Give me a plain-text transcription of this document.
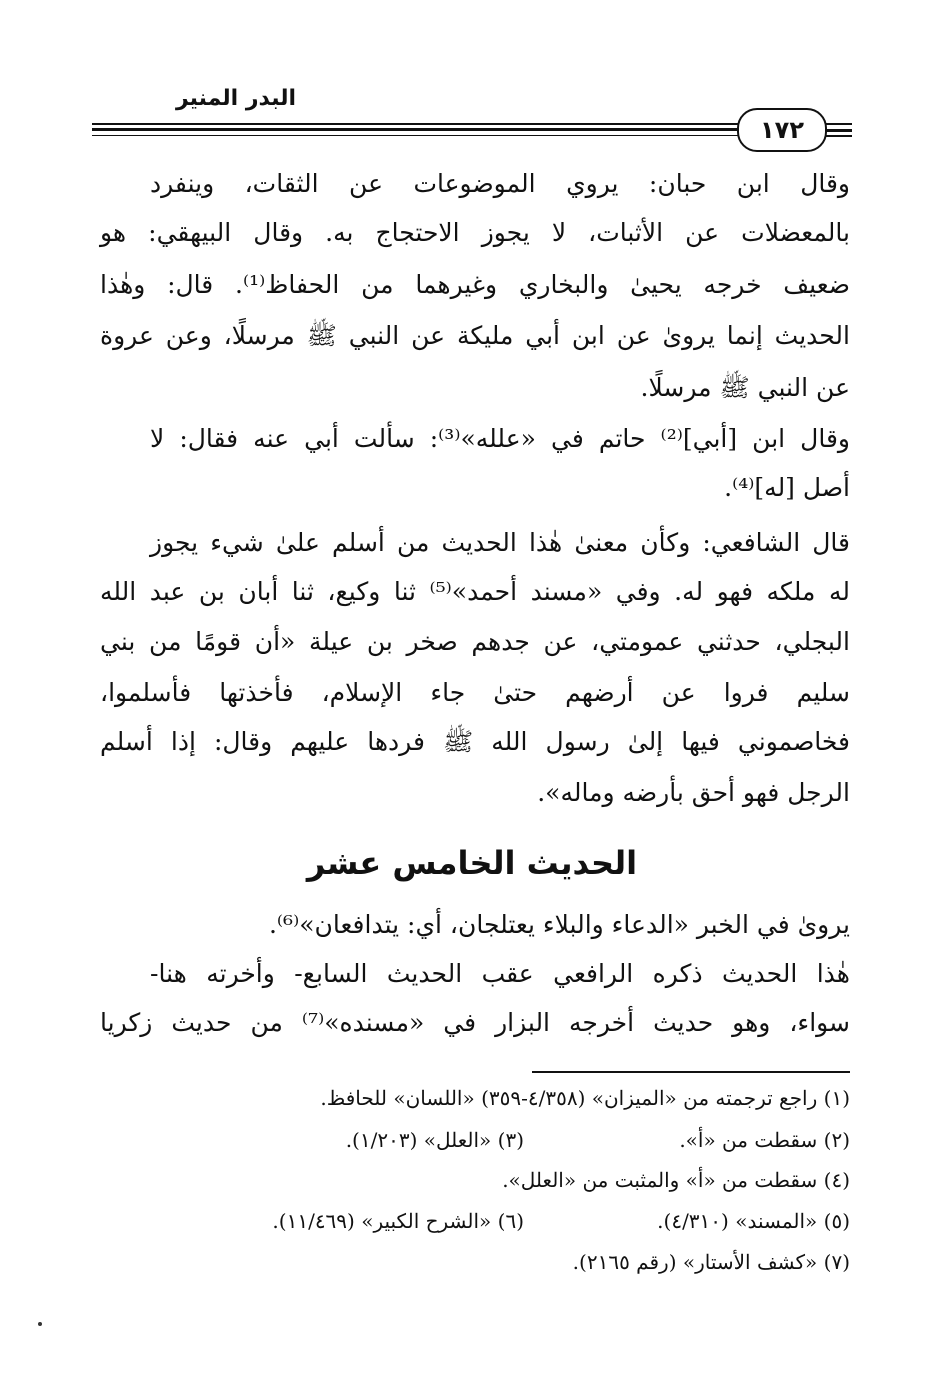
البدر المنير
١٧٢
وقال ابن حبان: يروي الموضوعات عن الثقات، وينفرد
بالمعضلات عن الأثبات، لا يجوز الاحتجاج به. وقال البيهقي: هو
ضعيف خرجه يحيىٰ والبخاري وغيرهما من الحفاظ⁽¹⁾. قال: وهٰذا
الحديث إنما يرویٰ عن ابن أبي مليكة عن النبي ﷺ مرسلًا، وعن عروة
عن النبي ﷺ مرسلًا.
وقال ابن [أبي]⁽²⁾ حاتم في «علله»⁽³⁾: سألت أبي عنه فقال: لا
أصل [له]⁽⁴⁾.
قال الشافعي: وكأن معنىٰ هٰذا الحديث من أسلم علىٰ شيء يجوز
له ملكه فهو له. وفي «مسند أحمد»⁽⁵⁾ ثنا وكيع، ثنا أبان بن عبد الله
البجلي، حدثني عمومتي، عن جدهم صخر بن عيلة «أن قومًا من بني
سليم فروا عن أرضهم حتىٰ جاء الإسلام، فأخذتها فأسلموا،
فخاصموني فيها إلىٰ رسول الله ﷺ فردها عليهم وقال: إذا أسلم
الرجل فهو أحق بأرضه وماله».
الحديث الخامس عشر
يرویٰ في الخبر «الدعاء والبلاء يعتلجان، أي: يتدافعان»⁽⁶⁾.
هٰذا الحديث ذكره الرافعي عقب الحديث السابع- وأخرته هنا-
سواء، وهو حديث أخرجه البزار في «مسنده»⁽⁷⁾ من حديث زكريا
(١) راجع ترجمته من «الميزان» (٤/٣٥٨-٣٥٩) «اللسان» للحافظ.
(٢) سقطت من «أ».
(٣) «العلل» (١/٢٠٣).
(٤) سقطت من «أ» والمثبت من «العلل».
(٥) «المسند» (٤/٣١٠).
(٦) «الشرح الكبير» (١١/٤٦٩).
(٧) «كشف الأستار» (رقم ٢١٦٥).
